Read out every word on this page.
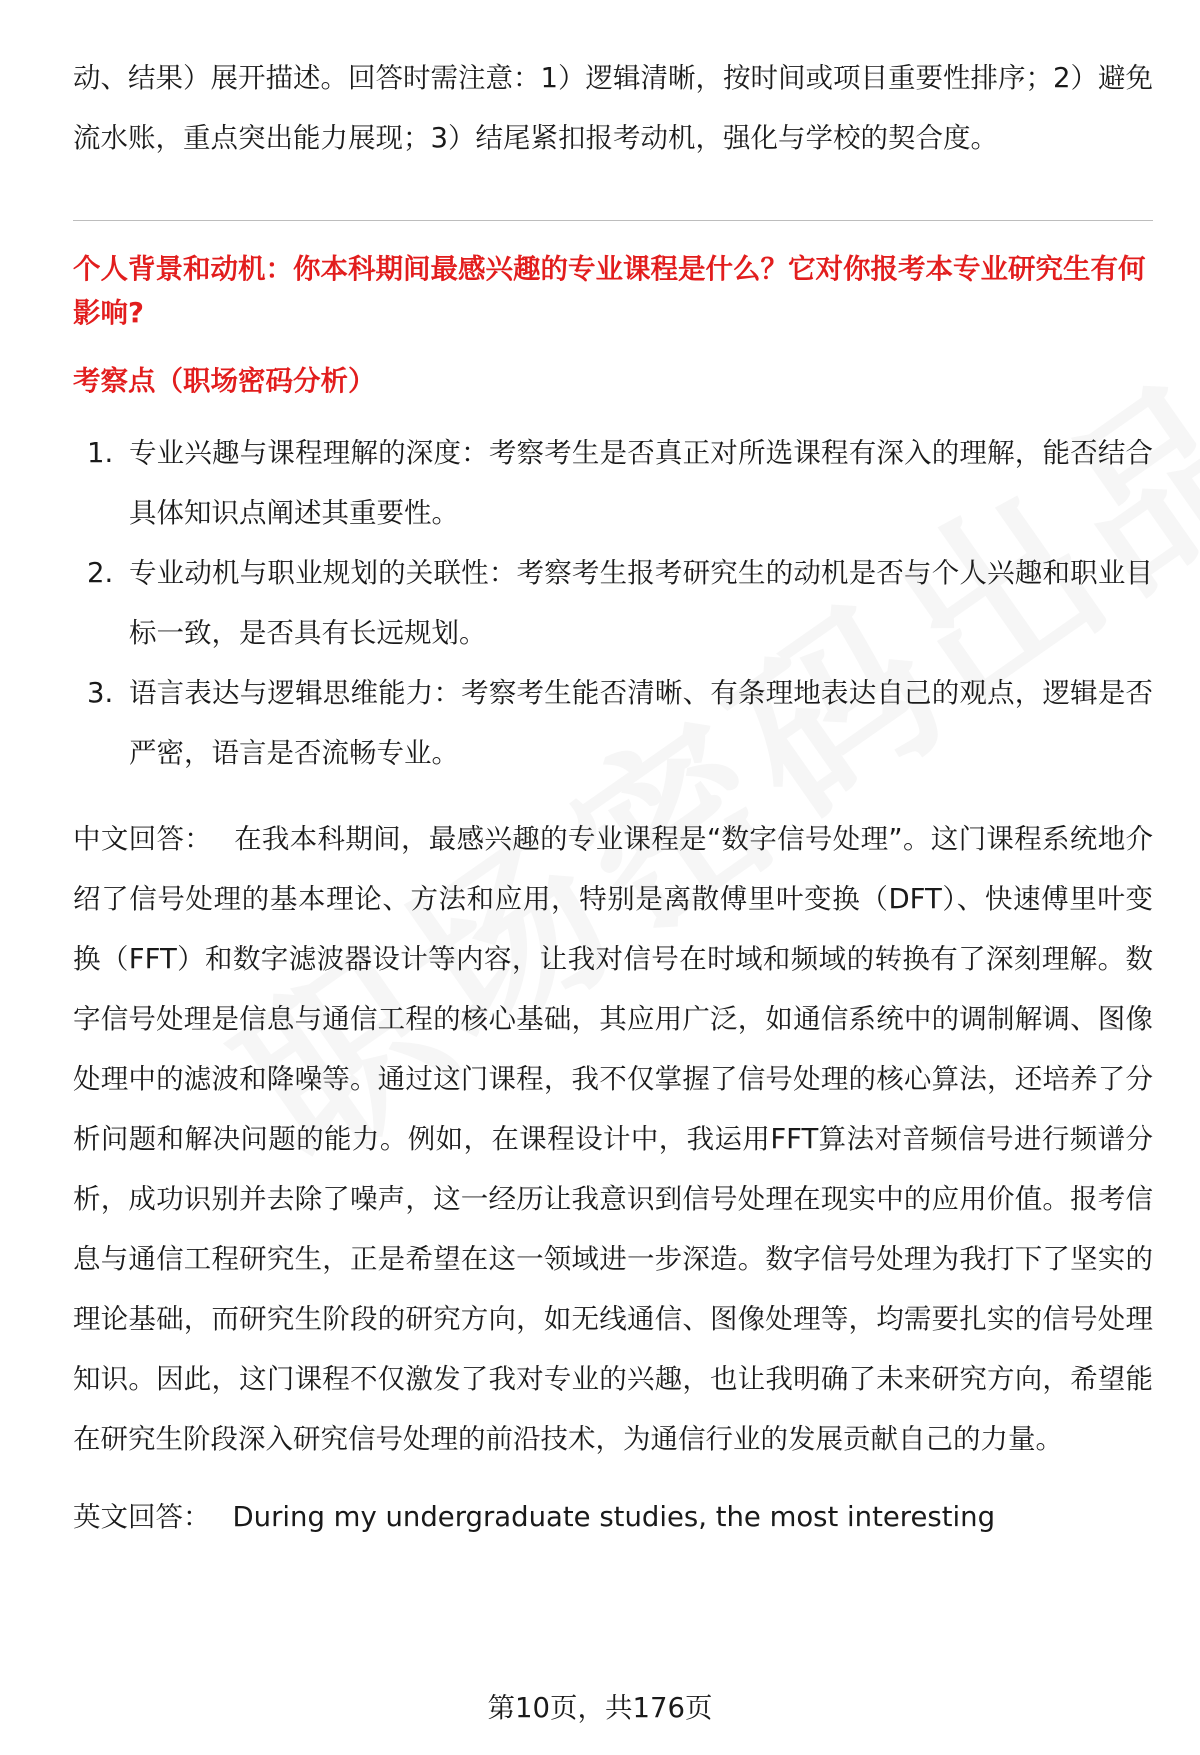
动、结果）展开描述。回答时需注意：1）逻辑清晰，按时间或项目重要性排序；2）避免流水账，重点突出能力展现；3）结尾紧扣报考动机，强化与学校的契合度。

个人背景和动机：你本科期间最感兴趣的专业课程是什么？它对你报考本专业研究生有何影响?

考察点（职场密码分析）

1. 专业兴趣与课程理解的深度：考察考生是否真正对所选课程有深入的理解，能否结合具体知识点阐述其重要性。
2. 专业动机与职业规划的关联性：考察考生报考研究生的动机是否与个人兴趣和职业目标一致，是否具有长远规划。
3. 语言表达与逻辑思维能力：考察考生能否清晰、有条理地表达自己的观点，逻辑是否严密，语言是否流畅专业。

中文回答： 在我本科期间，最感兴趣的专业课程是“数字信号处理”。这门课程系统地介绍了信号处理的基本理论、方法和应用，特别是离散傅里叶变换（DFT）、快速傅里叶变换（FFT）和数字滤波器设计等内容，让我对信号在时域和频域的转换有了深刻理解。数字信号处理是信息与通信工程的核心基础，其应用广泛，如通信系统中的调制解调、图像处理中的滤波和降噪等。通过这门课程，我不仅掌握了信号处理的核心算法，还培养了分析问题和解决问题的能力。例如，在课程设计中，我运用FFT算法对音频信号进行频谱分析，成功识别并去除了噪声，这一经历让我意识到信号处理在现实中的应用价值。报考信息与通信工程研究生，正是希望在这一领域进一步深造。数字信号处理为我打下了坚实的理论基础，而研究生阶段的研究方向，如无线通信、图像处理等，均需要扎实的信号处理知识。因此，这门课程不仅激发了我对专业的兴趣，也让我明确了未来研究方向，希望能在研究生阶段深入研究信号处理的前沿技术，为通信行业的发展贡献自己的力量。

英文回答： During my undergraduate studies, the most interesting

第10页，共176页
